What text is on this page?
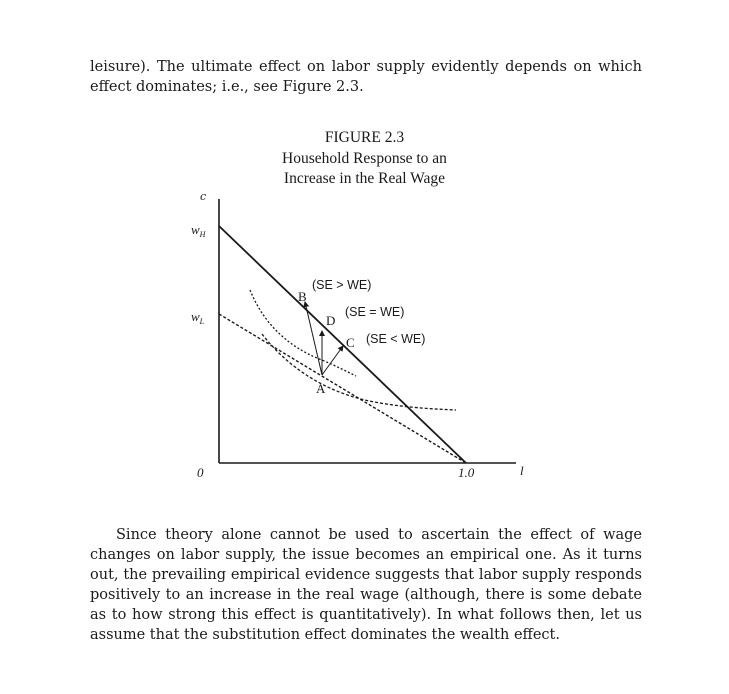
leisure). The ultimate effect on labor supply evidently depends on which effect dominates; i.e., see Figure 2.3.

FIGURE 2.3
Household Response to an
Increase in the Real Wage
c
l
0	1.0
$w_H$
$w_L$
A
B
D
C
(SE > WE)
(SE = WE)
(SE < WE)

Since theory alone cannot be used to ascertain the effect of wage changes on labor supply, the issue becomes an empirical one. As it turns out, the prevailing empirical evidence suggests that labor supply responds positively to an increase in the real wage (although, there is some debate as to how strong this effect is quantitatively). In what follows then, let us assume that the substitution effect dominates the wealth effect.
